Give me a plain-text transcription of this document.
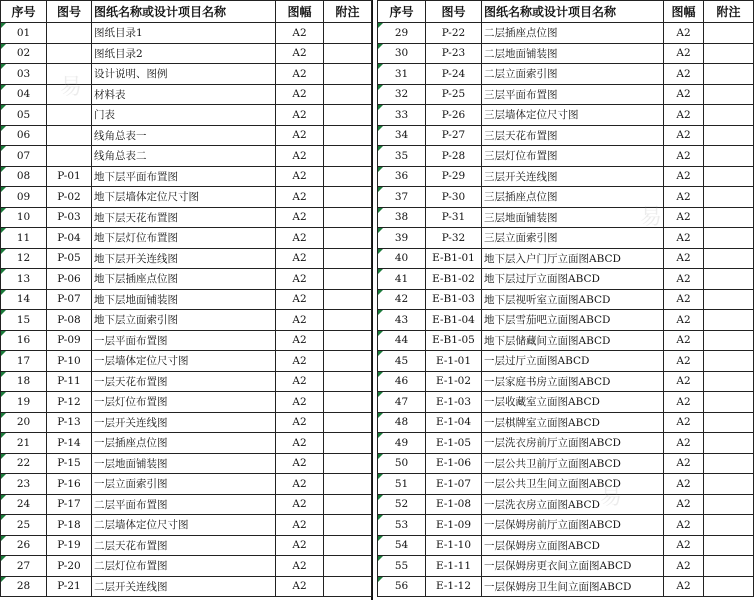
序号	图号	图纸名称或设计项目名称	图幅	附注
01		图纸目录1	A2	
02		图纸目录2	A2	
03		设计说明、图例	A2	
04		材料表	A2	
05		门表	A2	
06		线角总表一	A2	
07		线角总表二	A2	
08	P-01	地下层平面布置图	A2	
09	P-02	地下层墙体定位尺寸图	A2	
10	P-03	地下层天花布置图	A2	
11	P-04	地下层灯位布置图	A2	
12	P-05	地下层开关连线图	A2	
13	P-06	地下层插座点位图	A2	
14	P-07	地下层地面铺装图	A2	
15	P-08	地下层立面索引图	A2	
16	P-09	一层平面布置图	A2	
17	P-10	一层墙体定位尺寸图	A2	
18	P-11	一层天花布置图	A2	
19	P-12	一层灯位布置图	A2	
20	P-13	一层开关连线图	A2	
21	P-14	一层插座点位图	A2	
22	P-15	一层地面铺装图	A2	
23	P-16	一层立面索引图	A2	
24	P-17	二层平面布置图	A2	
25	P-18	二层墙体定位尺寸图	A2	
26	P-19	二层天花布置图	A2	
27	P-20	二层灯位布置图	A2	
28	P-21	二层开关连线图	A2	
序号	图号	图纸名称或设计项目名称	图幅	附注
29	P-22	二层插座点位图	A2	
30	P-23	二层地面铺装图	A2	
31	P-24	二层立面索引图	A2	
32	P-25	三层平面布置图	A2	
33	P-26	三层墙体定位尺寸图	A2	
34	P-27	三层天花布置图	A2	
35	P-28	三层灯位布置图	A2	
36	P-29	三层开关连线图	A2	
37	P-30	三层插座点位图	A2	
38	P-31	三层地面铺装图	A2	
39	P-32	三层立面索引图	A2	
40	E-B1-01	地下层入户门厅立面图ABCD	A2	
41	E-B1-02	地下层过厅立面图ABCD	A2	
42	E-B1-03	地下层视听室立面图ABCD	A2	
43	E-B1-04	地下层雪茄吧立面图ABCD	A2	
44	E-B1-05	地下层储藏间立面图ABCD	A2	
45	E-1-01	一层过厅立面图ABCD	A2	
46	E-1-02	一层家庭书房立面图ABCD	A2	
47	E-1-03	一层收藏室立面图ABCD	A2	
48	E-1-04	一层棋牌室立面图ABCD	A2	
49	E-1-05	一层洗衣房前厅立面图ABCD	A2	
50	E-1-06	一层公共卫前厅立面图ABCD	A2	
51	E-1-07	一层公共卫生间立面图ABCD	A2	
52	E-1-08	一层洗衣房立面图ABCD	A2	
53	E-1-09	一层保姆房前厅立面图ABCD	A2	
54	E-1-10	一层保姆房立面图ABCD	A2	
55	E-1-11	一层保姆房更衣间立面图ABCD	A2	
56	E-1-12	一层保姆房卫生间立面图ABCD	A2	
易
易
易
